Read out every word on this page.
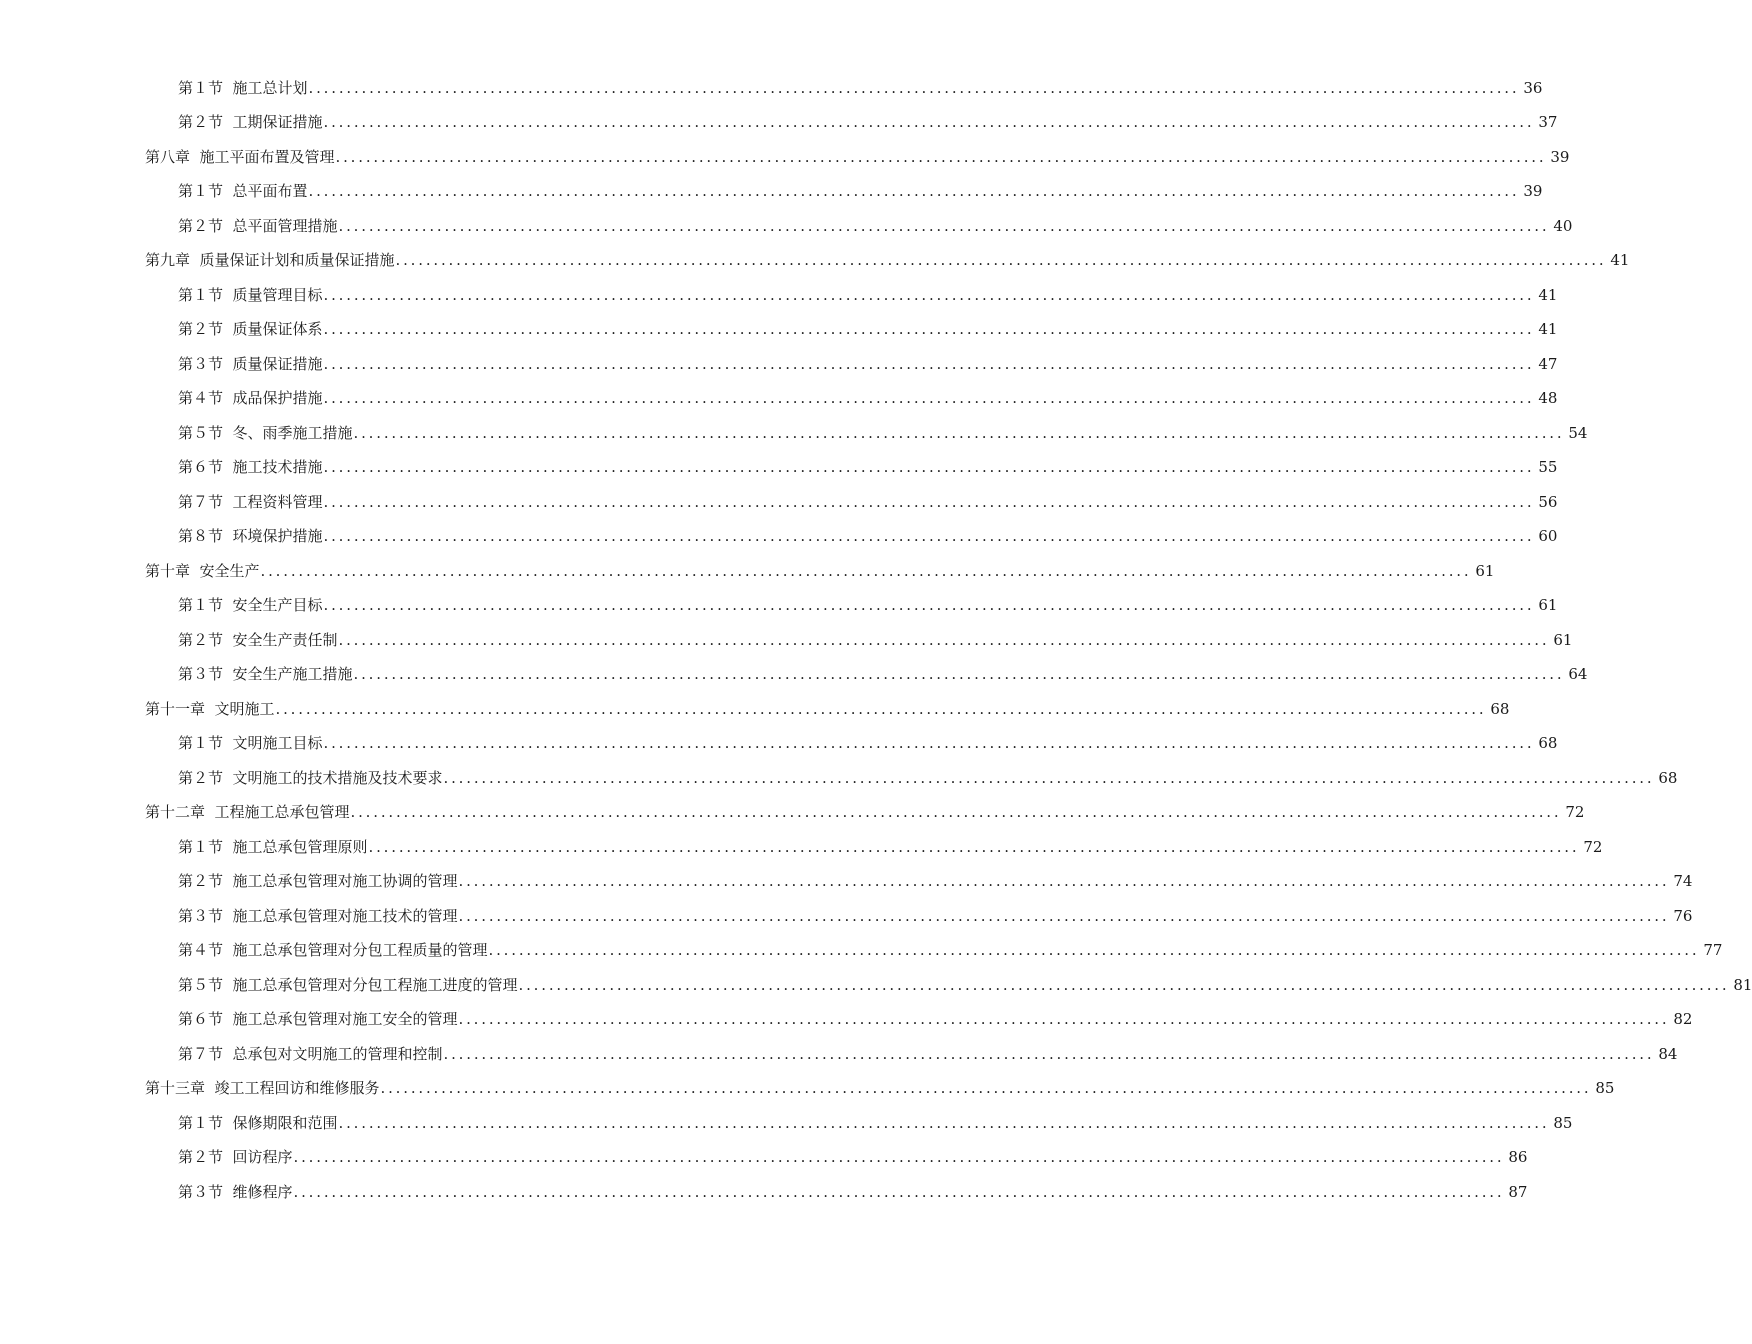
第１节  施工总计划 ................................................................................................................................................................ 36
第２节  工期保证措施 ................................................................................................................................................................ 37
第八章  施工平面布置及管理 ................................................................................................................................................................ 39
第１节  总平面布置 ................................................................................................................................................................ 39
第２节  总平面管理措施 ................................................................................................................................................................ 40
第九章  质量保证计划和质量保证措施 ................................................................................................................................................................ 41
第１节  质量管理目标 ................................................................................................................................................................ 41
第２节  质量保证体系 ................................................................................................................................................................ 41
第３节  质量保证措施 ................................................................................................................................................................ 47
第４节  成品保护措施 ................................................................................................................................................................ 48
第５节  冬、雨季施工措施 ................................................................................................................................................................ 54
第６节  施工技术措施 ................................................................................................................................................................ 55
第７节  工程资料管理 ................................................................................................................................................................ 56
第８节  环境保护措施 ................................................................................................................................................................ 60
第十章  安全生产 ................................................................................................................................................................ 61
第１节  安全生产目标 ................................................................................................................................................................ 61
第２节  安全生产责任制 ................................................................................................................................................................ 61
第３节  安全生产施工措施 ................................................................................................................................................................ 64
第十一章  文明施工 ................................................................................................................................................................ 68
第１节  文明施工目标 ................................................................................................................................................................ 68
第２节  文明施工的技术措施及技术要求 ................................................................................................................................................................ 68
第十二章  工程施工总承包管理 ................................................................................................................................................................ 72
第１节  施工总承包管理原则 ................................................................................................................................................................ 72
第２节  施工总承包管理对施工协调的管理 ................................................................................................................................................................ 74
第３节  施工总承包管理对施工技术的管理 ................................................................................................................................................................ 76
第４节  施工总承包管理对分包工程质量的管理 ................................................................................................................................................................ 77
第５节  施工总承包管理对分包工程施工进度的管理 ................................................................................................................................................................ 81
第６节  施工总承包管理对施工安全的管理 ................................................................................................................................................................ 82
第７节  总承包对文明施工的管理和控制 ................................................................................................................................................................ 84
第十三章  竣工工程回访和维修服务 ................................................................................................................................................................ 85
第１节  保修期限和范围 ................................................................................................................................................................ 85
第２节  回访程序 ................................................................................................................................................................ 86
第３节  维修程序 ................................................................................................................................................................ 87
